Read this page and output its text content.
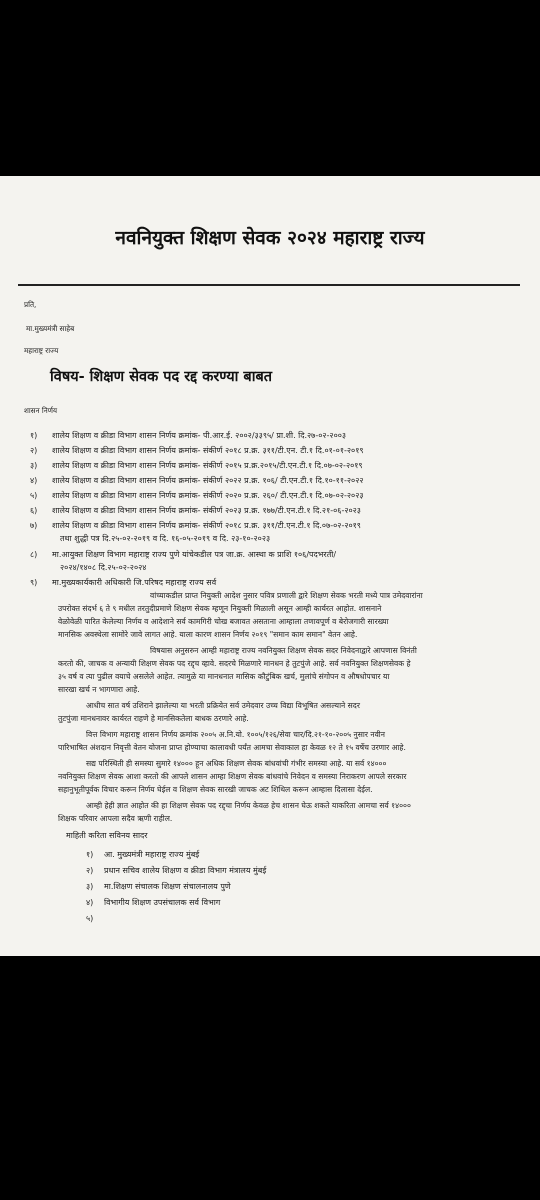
नवनियुक्त शिक्षण सेवक २०२४ महाराष्ट्र राज्य
प्रति,
मा.मुख्यमंत्री साहेब
महाराष्ट्र राज्य
विषय- शिक्षण सेवक पद रद्द करण्या बाबत
शासन निर्णय
१) शालेय शिक्षण व क्रीडा विभाग शासन निर्णय क्रमांक- पी.आर.ई. २००२/३३९५/ प्रा.शी. दि.२७-०२-२००३
२) शालेय शिक्षण व क्रीडा विभाग शासन निर्णय क्रमांक- संकीर्ण २०१८ प्र.क्र. ३११/टी.एन. टी.१ दि.०१-०१-२०१९
३) शालेय शिक्षण व क्रीडा विभाग शासन निर्णय क्रमांक- संकीर्ण २०१५ प्र.क्र.२०१५/टी.एन.टी.१ दि.०७-०२-२०१९
४) शालेय शिक्षण व क्रीडा विभाग शासन निर्णय क्रमांक- संकीर्ण २०२२ प्र.क्र. १०६/ टी.एन.टी.१ दि.१०-११-२०२२
५) शालेय शिक्षण व क्रीडा विभाग शासन निर्णय क्रमांक- संकीर्ण २०२० प्र.क्र. २६०/ टी.एन.टी.१ दि.०७-०२-२०२३
६) शालेय शिक्षण व क्रीडा विभाग शासन निर्णय क्रमांक- संकीर्ण २०२३ प्र.क्र. १७७/टी.एन.टी.१ दि.२१-०६-२०२३
७) शालेय शिक्षण व क्रीडा विभाग शासन निर्णय क्रमांक- संकीर्ण २०१८ प्र.क्र. ३११/टी.एन.टी.१ दि.०७-०२-२०१९
तथा शुद्धी पत्र दि.२५-०२-२०१९ व दि. १६-०५-२०१९ व दि. २३-१०-२०२३
८) मा.आयुक्त शिक्षण विभाग महाराष्ट्र राज्य पुणे यांचेकडील पत्र जा.क्र. आस्था क प्राशि १०६/पदभरती/
२०२४/१४०८ दि.२५-०२-२०२४
९) मा.मुख्यकार्यकारी अधिकारी जि.परिषद महाराष्ट्र राज्य सर्व
वांच्याकडील प्राप्त नियुक्ती आदेश नुसार पवित्र प्रणाली द्वारे शिक्षण सेवक भरती मध्ये पात्र उमेदवारांना
उपरोक्त संदर्भ ६ ते ९ मधील तरतुदीप्रमाणे शिक्षण सेवक म्हणून नियुक्ती मिळाली असून आम्ही कार्यरत आहोत. शासनाने
वेळोवेळी पारित केलेल्या निर्णय व आदेशाने सर्व कामगिरी चोख बजावत असताना आम्हाला तणावपूर्ण व बेरोजगारी सारख्या
मानसिक अवस्थेला सामोरे जावे लागत आहे. याला कारण शासन निर्णय २०१९ "समान काम समान" वेतन आहे.
विषयास अनुसरुन आम्ही महाराष्ट्र राज्य नवनियुक्त शिक्षण सेवक सदर निवेदनाद्वारे आपणास विनंती
करतो की, जाचक व अन्यायी शिक्षण सेवक पद रद्द्च व्हावे. सदरचे मिळणारे मानधन हे तुटपुंजे आहे. सर्व नवनियुक्त शिक्षणसेवक हे
३५ वर्ष व त्या पुढील वयाचे असलेले आहेत. त्यामुळे या मानधनात मासिक कौटुंबिक खर्च, मुलांचे संगोपन व औषधोपचार या
सारखा खर्च न भागणारा आहे.
आधीच सात वर्ष उशिराने झालेल्या या भरती प्रक्रियेत सर्व उमेदवार उच्च विद्या विभूषित असल्याने सदर
तुटपुंजा मानधनावर कार्यरत राहणे हे मानसिकतेला बाधक ठरणारे आहे.
वित्त विभाग महाराष्ट्र शासन निर्णय क्रमांक २००५ अ.नि.यो. १००५/१२६/सेवा चार/दि.२१-१०-२००५ नुसार नवीन
पारिभाषित अंशदान निवृत्ती वेतन योजना प्राप्त होण्याचा कालावधी पर्यंत आमचा सेवाकाल हा केवळ १२ ते १५ वर्षेच उरणार आहे.
सद्य परिस्थिती ही समस्या सुमारे १४००० हून अधिक शिक्षण सेवक बांधवांची गंभीर समस्या आहे. या सर्व १४०००
नवनियुक्त शिक्षण सेवक आशा करतो की आपले शासन आम्हा शिक्षण सेवक बांधवांचे निवेदन व समस्या निराकरण आपले सरकार
सहानुभूतीपूर्वक विचार करून निर्णय घेईल व शिक्षण सेवक सारखी जाचक अट शिथिल करून आम्हास दिलासा देईल.
आम्ही हेही ज्ञात आहोत की हा शिक्षण सेवक पद रद्द्चा निर्णय केवळ हेच शासन घेऊ शकते याकरिता आमचा सर्व १४०००
शिक्षक परिवार आपला सदैव ऋणी राहील.
माहिती करिता सविनय सादर
१) आ. मुख्यमंत्री महाराष्ट्र राज्य मुंबई
२) प्रधान सचिव शालेय शिक्षण व क्रीडा विभाग मंत्रालय मुंबई
३) मा.शिक्षण संचालक शिक्षण संचालनालय पुणे
४) विभागीय शिक्षण उपसंचालक सर्व विभाग
५)
